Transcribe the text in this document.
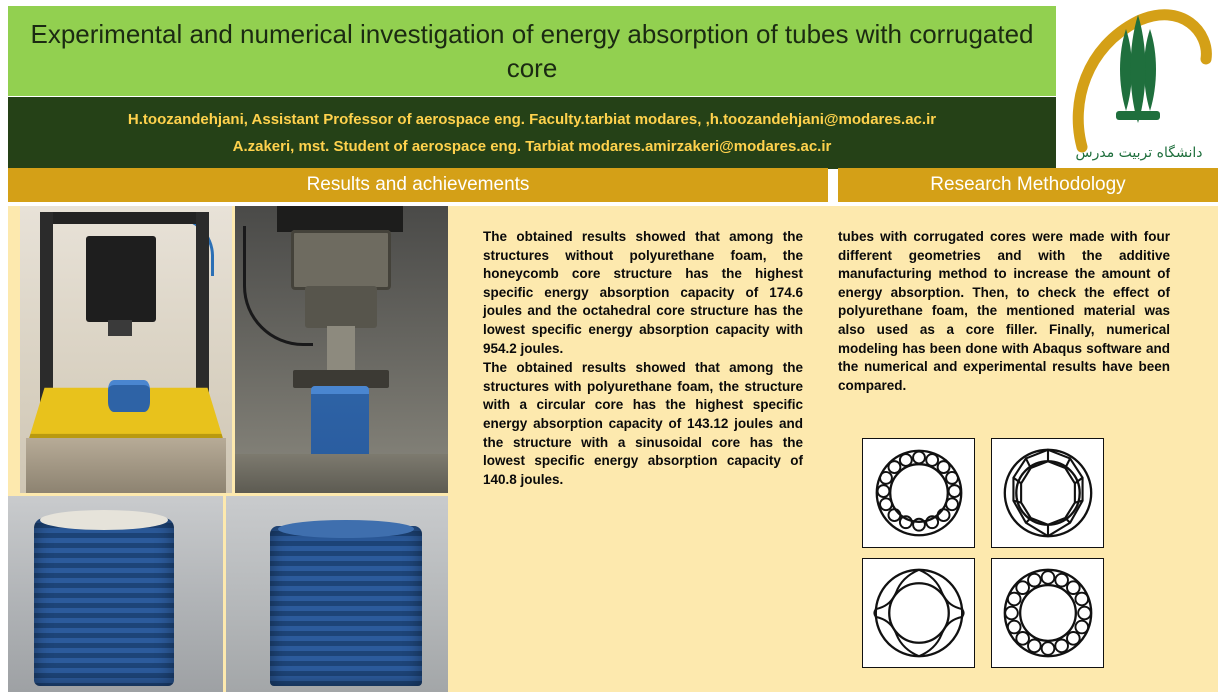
Experimental and numerical investigation of energy absorption of tubes with corrugated core
H.toozandehjani, Assistant Professor of aerospace eng. Faculty.tarbiat modares, ,h.toozandehjani@modares.ac.ir
A.zakeri, mst. Student of aerospace eng. Tarbiat modares.amirzakeri@modares.ac.ir	دانشگاه تربیت مدرس
Results and achievements	Research Methodology

The obtained results showed that among the structures without polyurethane foam, the honeycomb core structure has the highest specific energy absorption capacity of 174.6 joules and the octahedral core structure has the lowest specific energy absorption capacity with 954.2 joules.

The obtained results showed that among the structures with polyurethane foam, the structure with a circular core has the highest specific energy absorption capacity of 143.12 joules and the structure with a sinusoidal core has the lowest specific energy absorption capacity of 140.8 joules.

tubes with corrugated cores were made with four different geometries and with the additive manufacturing method to increase the amount of energy absorption. Then, to check the effect of polyurethane foam, the mentioned material was also used as a core filler. Finally, numerical modeling has been done with Abaqus software and the numerical and experimental results have been compared.
